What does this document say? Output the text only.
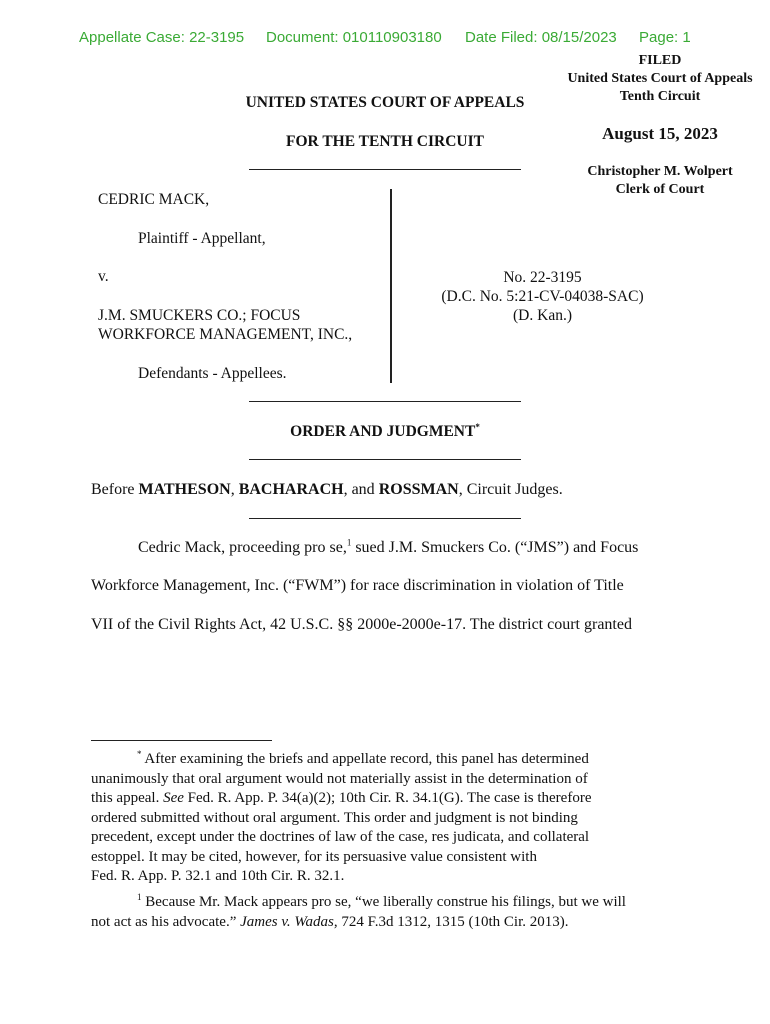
Appellate Case: 22-3195 Document: 010110903180 Date Filed: 08/15/2023 Page: 1
FILED
United States Court of Appeals
Tenth Circuit
August 15, 2023
Christopher M. Wolpert
Clerk of Court
UNITED STATES COURT OF APPEALS
FOR THE TENTH CIRCUIT
CEDRIC MACK,
Plaintiff - Appellant,
v.
J.M. SMUCKERS CO.; FOCUS
WORKFORCE MANAGEMENT, INC.,
Defendants - Appellees.
No. 22-3195
(D.C. No. 5:21-CV-04038-SAC)
(D. Kan.)
ORDER AND JUDGMENT*
Before MATHESON, BACHARACH, and ROSSMAN, Circuit Judges.
Cedric Mack, proceeding pro se,$^1$ sued J.M. Smuckers Co. (“JMS”) and Focus
Workforce Management, Inc. (“FWM”) for race discrimination in violation of Title
VII of the Civil Rights Act, 42 U.S.C. §§ 2000e-2000e-17. The district court granted
* After examining the briefs and appellate record, this panel has determined
unanimously that oral argument would not materially assist in the determination of
this appeal. See Fed. R. App. P. 34(a)(2); 10th Cir. R. 34.1(G). The case is therefore
ordered submitted without oral argument. This order and judgment is not binding
precedent, except under the doctrines of law of the case, res judicata, and collateral
estoppel. It may be cited, however, for its persuasive value consistent with
Fed. R. App. P. 32.1 and 10th Cir. R. 32.1.
$^1$ Because Mr. Mack appears pro se, “we liberally construe his filings, but we will
not act as his advocate.” James v. Wadas, 724 F.3d 1312, 1315 (10th Cir. 2013).
